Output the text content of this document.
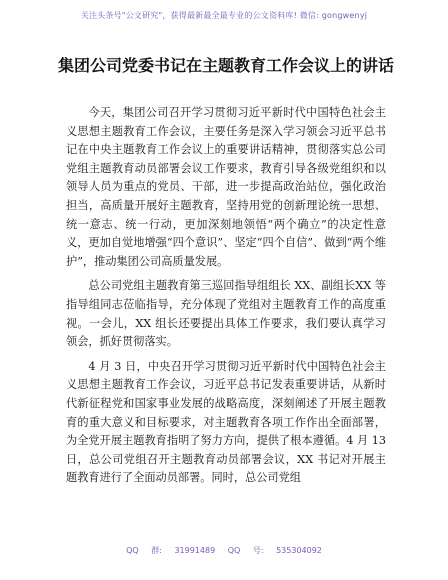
关注头条号"公文研究"，获得最新最全最专业的公文资料库! 微信: gongwenyj
集团公司党委书记在主题教育工作会议上的讲话

今天，集团公司召开学习贯彻习近平新时代中国特色社会主义思想主题教育工作会议，主要任务是深入学习领会习近平总书记在中央主题教育工作会议上的重要讲话精神，贯彻落实总公司党组主题教育动员部署会议工作要求，教育引导各级党组织和以领导人员为重点的党员、干部，进一步提高政治站位，强化政治担当，高质量开展好主题教育，坚持用党的创新理论统一思想、统一意志、统一行动，更加深刻地领悟“两个确立”的决定性意义，更加自觉地增强“四个意识”、坚定“四个自信”、做到“两个维护”，推动集团公司高质量发展。

总公司党组主题教育第三巡回指导组组长 XX、副组长XX 等指导组同志莅临指导，充分体现了党组对主题教育工作的高度重视。一会儿，XX 组长还要提出具体工作要求，我们要认真学习领会，抓好贯彻落实。

4 月 3 日，中央召开学习贯彻习近平新时代中国特色社会主义思想主题教育工作会议，习近平总书记发表重要讲话，从新时代新征程党和国家事业发展的战略高度，深刻阐述了开展主题教育的重大意义和目标要求，对主题教育各项工作作出全面部署，为全党开展主题教育指明了努力方向，提供了根本遵循。4 月 13 日，总公司党组召开主题教育动员部署会议，XX 书记对开展主题教育进行了全面动员部署。同时，总公司党组

QQ 群: 31991489 QQ 号: 535304092
